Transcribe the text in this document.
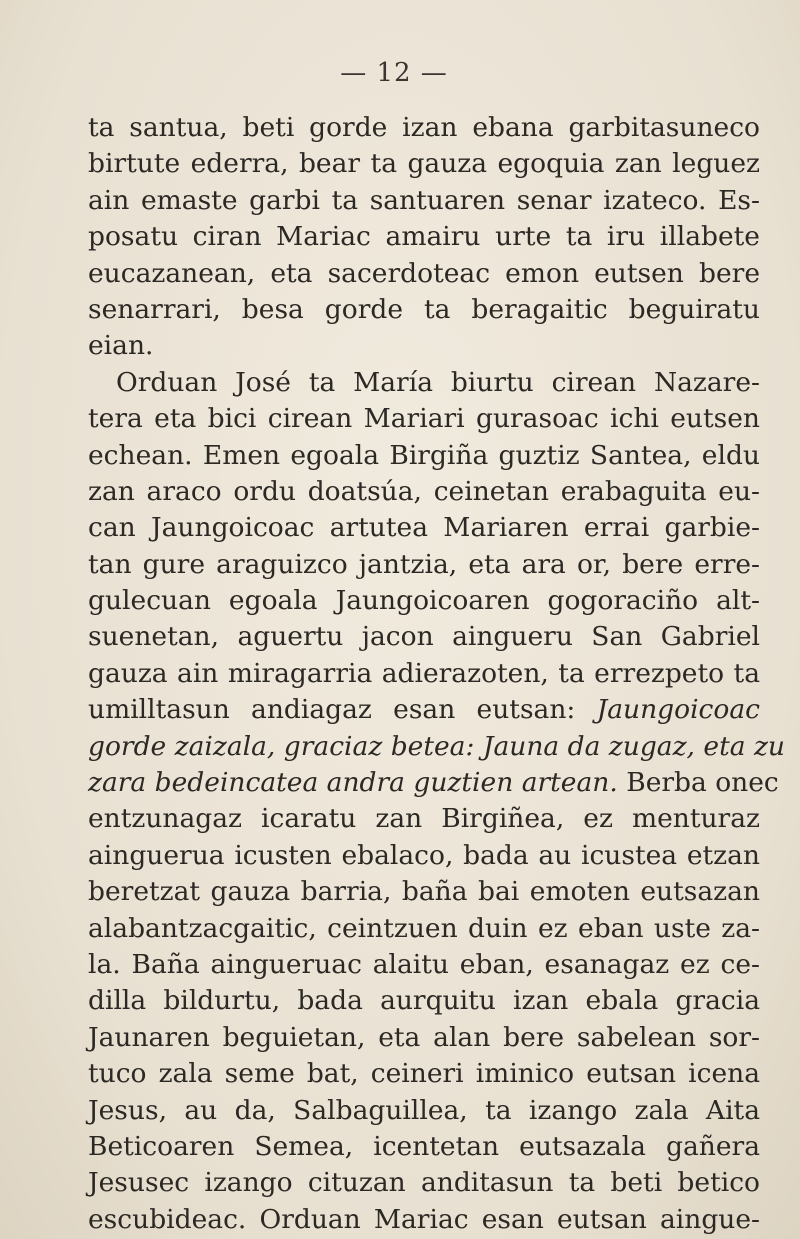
— 12 —
ta santua, beti gorde izan ebana garbitasuneco
birtute ederra, bear ta gauza egoquia zan leguez
ain emaste garbi ta santuaren senar izateco. Es-
posatu ciran Mariac amairu urte ta iru illabete
eucazanean, eta sacerdoteac emon eutsen bere
senarrari, besa gorde ta beragaitic beguiratu
eian.
Orduan José ta María biurtu cirean Nazare-
tera eta bici cirean Mariari gurasoac ichi eutsen
echean. Emen egoala Birgiña guztiz Santea, eldu
zan araco ordu doatsúa, ceinetan erabaguita eu-
can Jaungoicoac artutea Mariaren errai garbie-
tan gure araguizco jantzia, eta ara or, bere erre-
gulecuan egoala Jaungoicoaren gogoraciño alt-
suenetan, aguertu jacon aingueru San Gabriel
gauza ain miragarria adierazoten, ta errezpeto ta
umilltasun andiagaz esan eutsan: Jaungoicoac
gorde zaizala, graciaz betea: Jauna da zugaz, eta zu
zara bedeincatea andra guztien artean. Berba onec
entzunagaz icaratu zan Birgiñea, ez menturaz
ainguerua icusten ebalaco, bada au icustea etzan
beretzat gauza barria, baña bai emoten eutsazan
alabantzacgaitic, ceintzuen duin ez eban uste za-
la. Baña aingueruac alaitu eban, esanagaz ez ce-
dilla bildurtu, bada aurquitu izan ebala gracia
Jaunaren beguietan, eta alan bere sabelean sor-
tuco zala seme bat, ceineri iminico eutsan icena
Jesus, au da, Salbaguillea, ta izango zala Aita
Beticoaren Semea, icentetan eutsazala gañera
Jesusec izango cituzan anditasun ta beti betico
escubideac. Orduan Mariac esan eutsan aingue-
